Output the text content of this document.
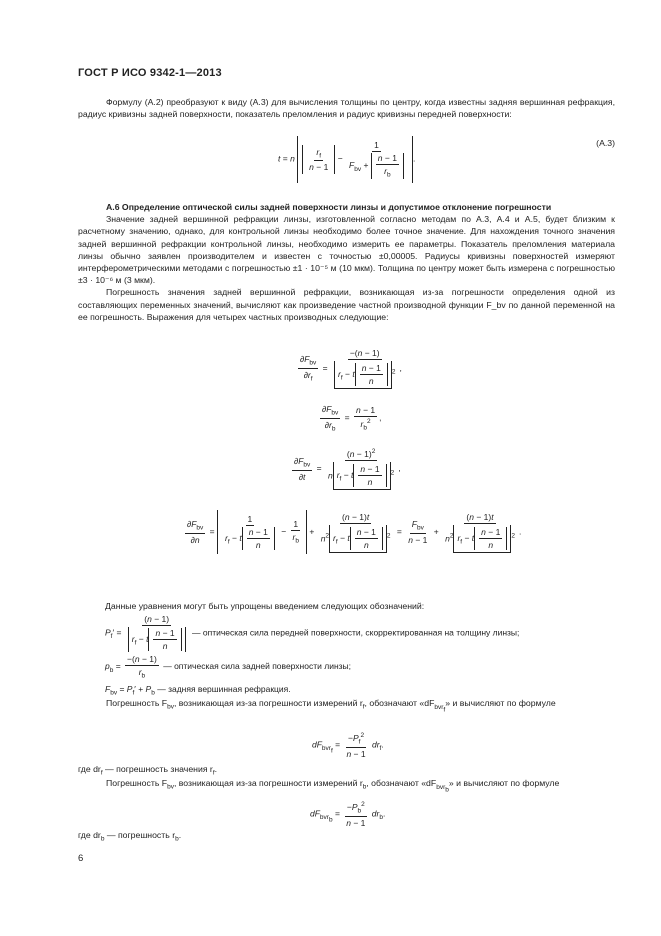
ГОСТ Р ИСО 9342-1—2013

Формулу (А.2) преобразуют к виду (А.3) для вычисления толщины по центру, когда известны задняя вершинная рефракция, радиус кривизны задней поверхности, показатель преломления и радиус кривизны передней поверхности:

t = n $\frac{r_f}{n - 1} - \frac{1}{F_{bv} + \frac{n - 1}{r_b}}$ .
(А.3)

А.6 Определение оптической силы задней поверхности линзы и допустимое отклонение погрешности

Значение задней вершинной рефракции линзы, изготовленной согласно методам по А.3, А.4 и А.5, будет близким к расчетному значению, однако, для контрольной линзы необходимо более точное значение. Для нахождения точного значения задней вершинной рефракции контрольной линзы, необходимо измерить ее параметры. Показатель преломления материала линзы обычно заявлен производителем и известен с точностью ±0,00005. Радиусы кривизны поверхностей измеряют интерферометрическими методами с погрешностью ±1 · 10⁻⁵ м (10 мкм). Толщина по центру может быть измерена с погрешностью ±3 · 10⁻⁶ м (3 мкм).

Погрешность значения задней вершинной рефракции, возникающая из-за погрешности определения одной из составляющих переменных значений, вычисляют как произведение частной производной функции F_bv по данной переменной на ее погрешность. Выражения для четырех частных производных следующие:

$\frac{\partial F_{bv}}{\partial r_f} = \frac{-(n - 1)}{r_f - t \frac{n - 1}{n} ^2}$ ,
$\frac{\partial F_{bv}}{\partial r_b} = \frac{n - 1}{r_b^2}$ ,
$\frac{\partial F_{bv}}{\partial t} = \frac{(n - 1)^2}{n r_f - t \frac{n - 1}{n} ^2}$ ,
$\frac{\partial F_{bv}}{\partial n} = \frac{1}{r_f - t \frac{n - 1}{n}} - \frac{1}{r_b} + \frac{(n - 1)t}{n^2 r_f - t \frac{n - 1}{n} ^2} = \frac{F_{bv}}{n - 1} + \frac{(n - 1)t}{n^2 r_f - t \frac{n - 1}{n} ^2}$ .
Данные уравнения могут быть упрощены введением следующих обозначений:
$P_f' = \frac{(n - 1)}{r_f - t \frac{n - 1}{n}}$ — оптическая сила передней поверхности, скорректированная на толщину линзы;
$p_b = \frac{-(n - 1)}{r_b}$ — оптическая сила задней поверхности линзы;
$F_{bv} = P_f' + P_b$ — задняя вершинная рефракция.

Погрешность $F_{bv}$, возникающая из-за погрешности измерений $r_f$, обозначают «$dF_{bvr_f}$» и вычисляют по формуле

$dF_{bvr_f} = \frac{-P_f^2}{n - 1} dr_f$.
где $dr_f$ — погрешность значения $r_f$.

Погрешность $F_{bv}$, возникающая из-за погрешности измерений $r_b$, обозначают «$dF_{bvr_b}$» и вычисляют по формуле

$dF_{bvr_b} = \frac{-P_b^2}{n - 1} dr_b$.
где $dr_b$ — погрешность $r_b$.
6
